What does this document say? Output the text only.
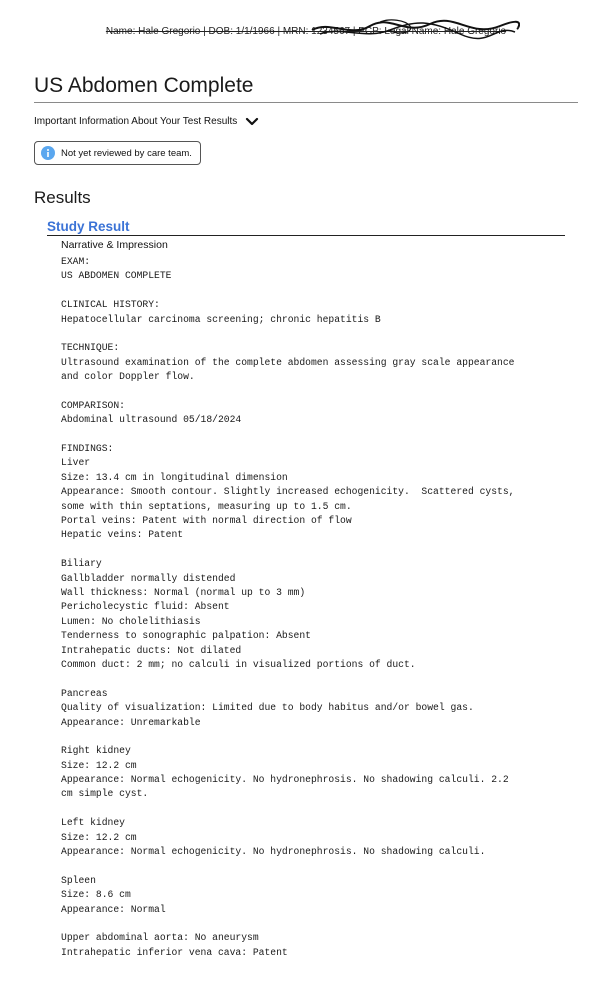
Name: Hale Gregorio | DOB: 1/1/1966 | MRN: 1234567 | PCP: Legal Name: Hale Gregorio
US Abdomen Complete
Important Information About Your Test Results
Not yet reviewed by care team.
Results
Study Result
Narrative & Impression
EXAM:
US ABDOMEN COMPLETE
CLINICAL HISTORY:
Hepatocellular carcinoma screening; chronic hepatitis B
TECHNIQUE:
Ultrasound examination of the complete abdomen assessing gray scale appearance
and color Doppler flow.
COMPARISON:
Abdominal ultrasound 05/18/2024
FINDINGS:
Liver
Size: 13.4 cm in longitudinal dimension
Appearance: Smooth contour. Slightly increased echogenicity.  Scattered cysts,
some with thin septations, measuring up to 1.5 cm.
Portal veins: Patent with normal direction of flow
Hepatic veins: Patent
Biliary
Gallbladder normally distended
Wall thickness: Normal (normal up to 3 mm)
Pericholecystic fluid: Absent
Lumen: No cholelithiasis
Tenderness to sonographic palpation: Absent
Intrahepatic ducts: Not dilated
Common duct: 2 mm; no calculi in visualized portions of duct.
Pancreas
Quality of visualization: Limited due to body habitus and/or bowel gas.
Appearance: Unremarkable
Right kidney
Size: 12.2 cm
Appearance: Normal echogenicity. No hydronephrosis. No shadowing calculi. 2.2
cm simple cyst.
Left kidney
Size: 12.2 cm
Appearance: Normal echogenicity. No hydronephrosis. No shadowing calculi.
Spleen
Size: 8.6 cm
Appearance: Normal
Upper abdominal aorta: No aneurysm
Intrahepatic inferior vena cava: Patent
